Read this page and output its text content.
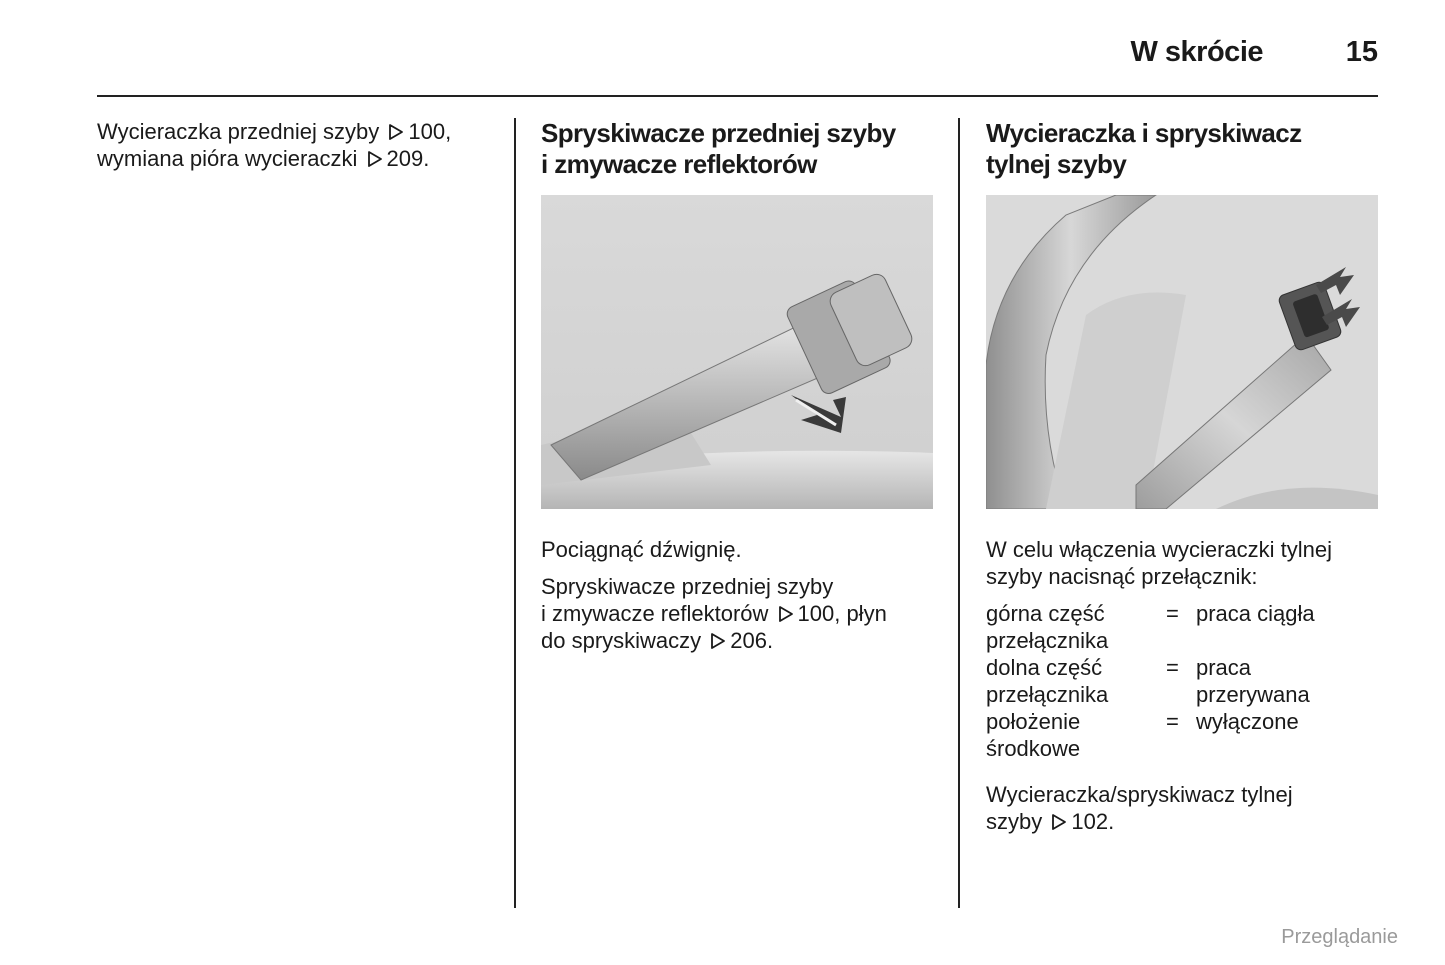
W skrócie	15

Wycieraczka przedniej szyby 100,
wymiana pióra wycieraczki 209.

Spryskiwacze przedniej szyby
i zmywacze reflektorów

Pociągnąć dźwignię.

Spryskiwacze przedniej szyby
i zmywacze reflektorów 100, płyn
do spryskiwaczy 206.

Wycieraczka i spryskiwacz
tylnej szyby

W celu włączenia wycieraczki tylnej
szyby nacisnąć przełącznik:

górna część
przełącznika
= praca ciągła
dolna część
przełącznika
= praca
przerywana
położenie
środkowe
= wyłączone

Wycieraczka/spryskiwacz tylnej
szyby 102.

Przeglądanie
